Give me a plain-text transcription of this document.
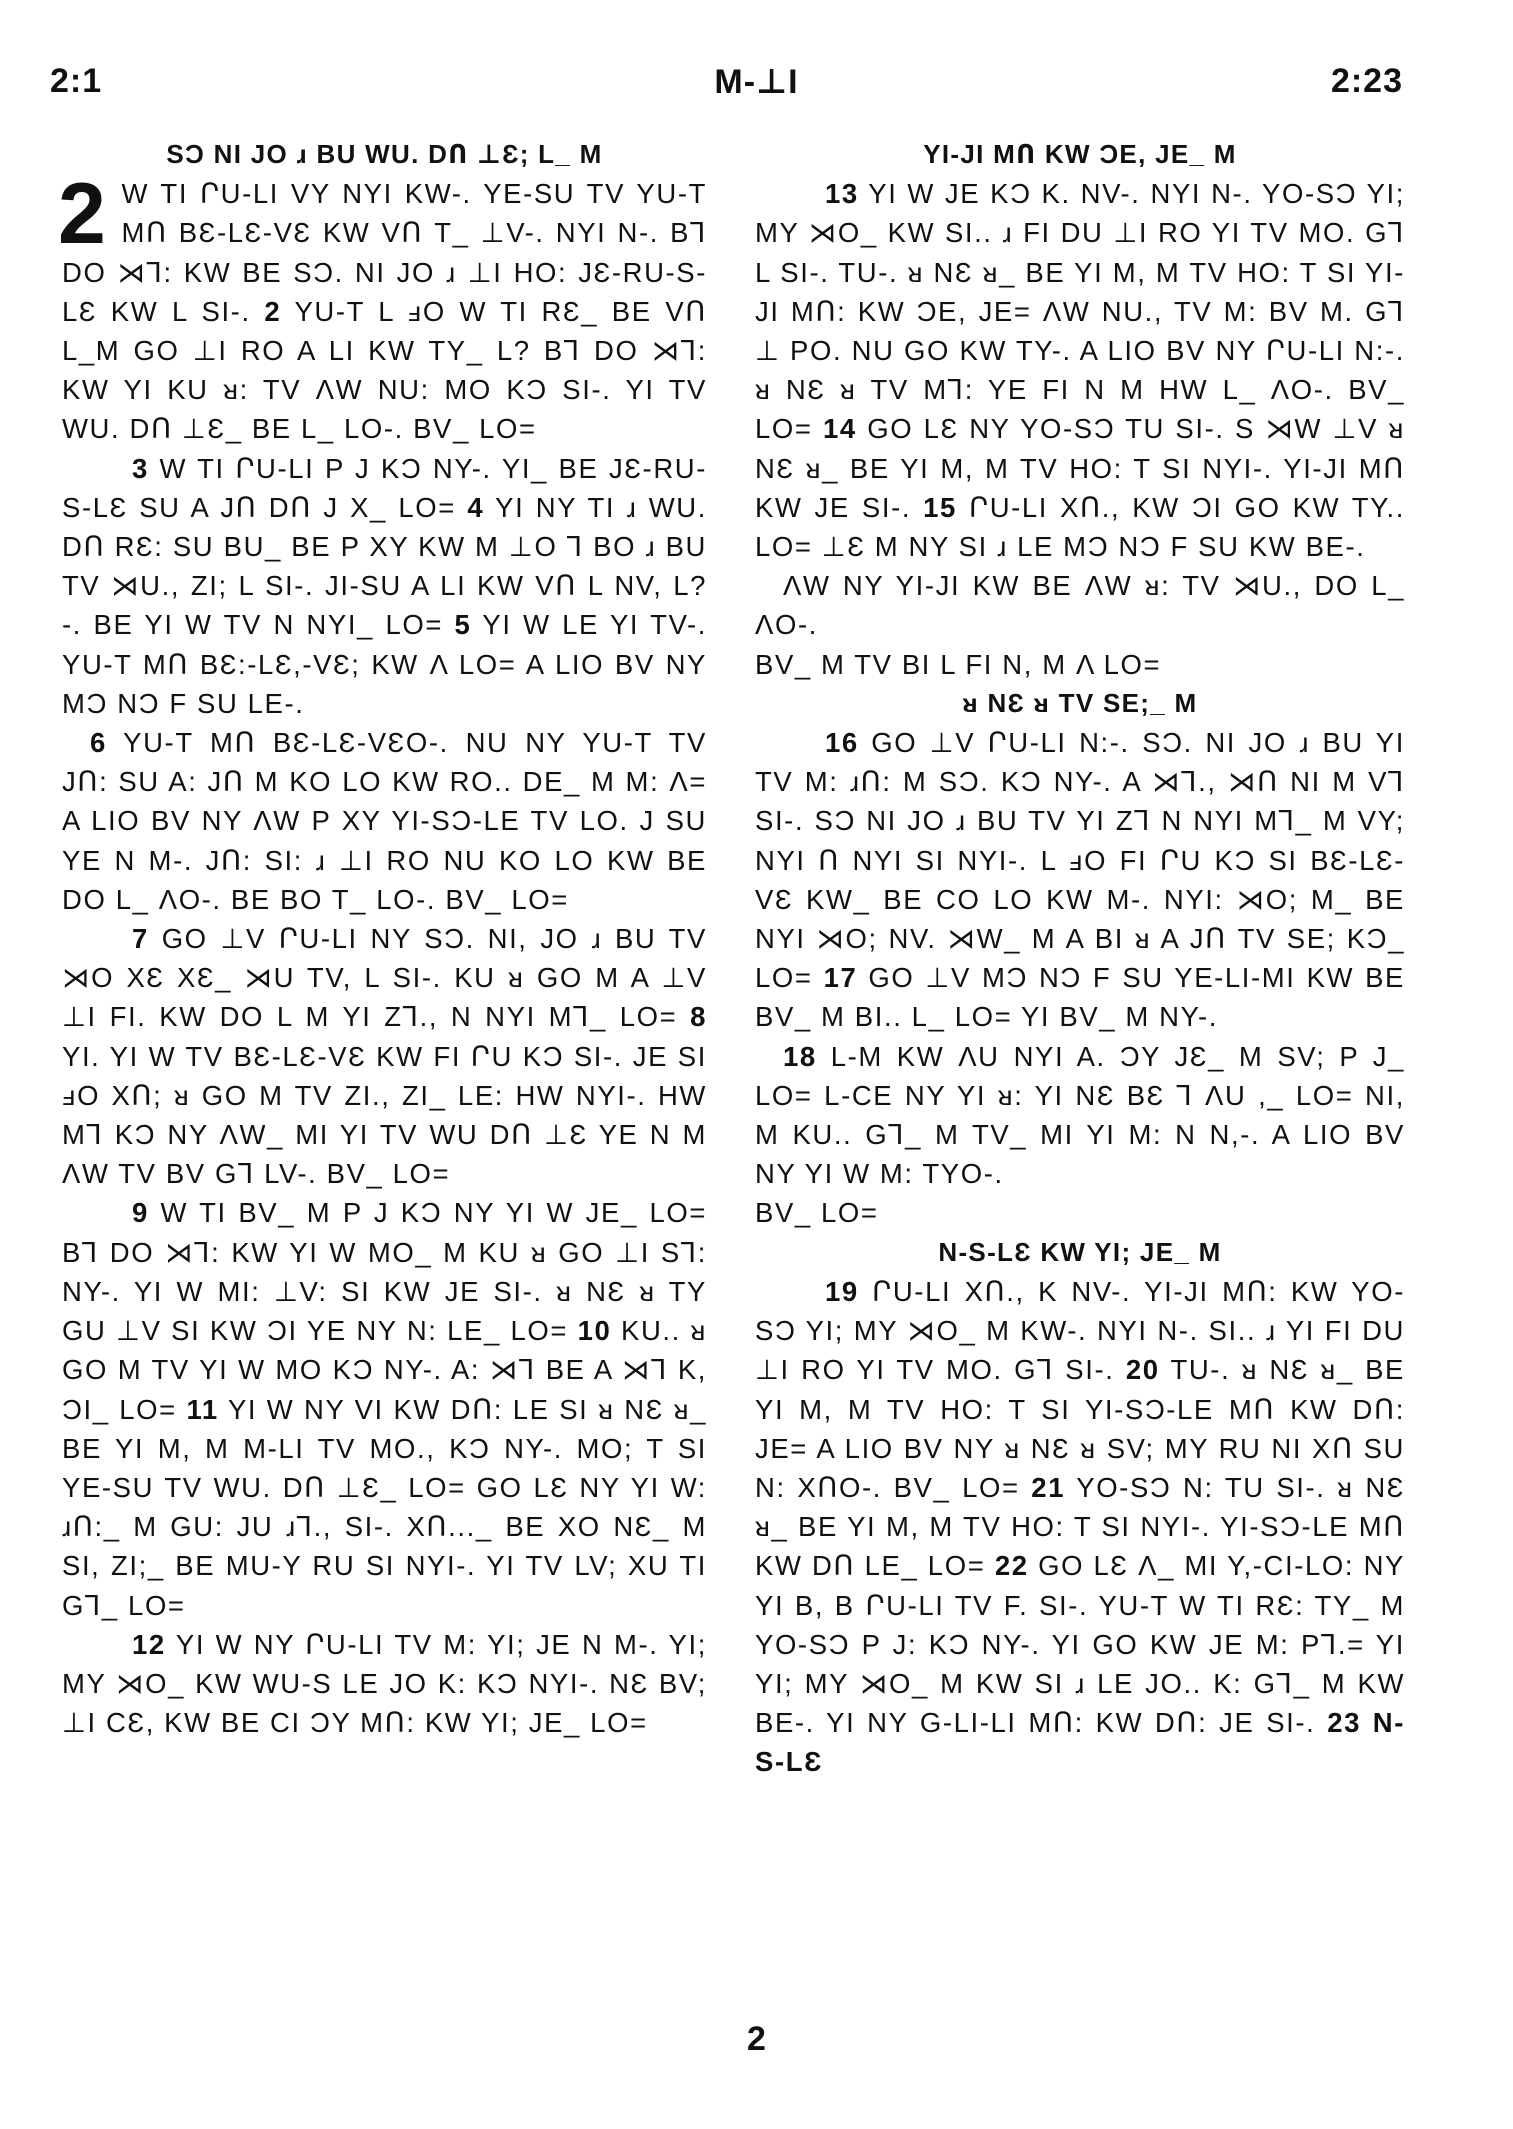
2:1	M-⊥I	2:23

SƆ NI JO ɹ BU WU. DՈ ⊥Ɛ; L_ M

2 W TI ՐU-LI VY NYI KW-. YE-SU TV YU-T MՈ BƐ-LƐ-VƐ KW VՈ T_ ⊥V-. NYI N-. B⅂ DO ⋊⅂: KW BE SƆ. NI JO ɹ ⊥I HO: JƐ-RU-S-LƐ KW L SI-. 2 YU-T L ⅎO W TI RƐ_ BE VՈ L_M GO ⊥I RO A LI KW TY_ L? B⅂ DO ⋊⅂: KW YI KU ᴚ: TV ΛW NU: MO KƆ SI-. YI TV WU. DՈ ⊥Ɛ_ BE L_ LO-. BV_ LO=

3 W TI ՐU-LI P J KƆ NY-. YI_ BE JƐ-RU-S-LƐ SU A JՈ DՈ J X_ LO= 4 YI NY TI ɹ WU. DՈ RƐ: SU BU_ BE P XY KW M ⊥O ⅂ BO ɹ BU TV ⋊U., ZI; L SI-. JI-SU A LI KW VՈ L NV, L?-. BE YI W TV N NYI_ LO= 5 YI W LE YI TV-. YU-T MՈ BƐ:-LƐ,-VƐ; KW Λ LO= A LIO BV NY MƆ NƆ F SU LE-.

6 YU-T MՈ BƐ-LƐ-VƐO-. NU NY YU-T TV JՈ: SU A: JՈ M KO LO KW RO.. DE_ M M: Λ= A LIO BV NY ΛW P XY YI-SƆ-LE TV LO. J SU YE N M-. JՈ: SI: ɹ ⊥I RO NU KO LO KW BE DO L_ ΛO-. BE BO T_ LO-. BV_ LO=

7 GO ⊥V ՐU-LI NY SƆ. NI, JO ɹ BU TV ⋊O XƐ XƐ_ ⋊U TV, L SI-. KU ᴚ GO M A ⊥V ⊥I FI. KW DO L M YI Z⅂., N NYI M⅂_ LO= 8 YI. YI W TV BƐ-LƐ-VƐ KW FI ՐU KƆ SI-. JE SI ⅎO XՈ; ᴚ GO M TV ZI., ZI_ LE: HW NYI-. HW M⅂ KƆ NY ΛW_ MI YI TV WU DՈ ⊥Ɛ YE N M ΛW TV BV G⅂ LV-. BV_ LO=

9 W TI BV_ M P J KƆ NY YI W JE_ LO= B⅂ DO ⋊⅂: KW YI W MO_ M KU ᴚ GO ⊥I S⅂: NY-. YI W MI: ⊥V: SI KW JE SI-. ᴚ NƐ ᴚ TY GU ⊥V SI KW ƆI YE NY N: LE_ LO= 10 KU.. ᴚ GO M TV YI W MO KƆ NY-. A: ⋊⅂ BE A ⋊⅂ K, ƆI_ LO= 11 YI W NY VI KW DՈ: LE SI ᴚ NƐ ᴚ_ BE YI M, M M-LI TV MO., KƆ NY-. MO; T SI YE-SU TV WU. DՈ ⊥Ɛ_ LO= GO LƐ NY YI W: ɹՈ:_ M GU: JU ɹ⅂., SI-. XՈ..._ BE XO NƐ_ M SI, ZI;_ BE MU-Y RU SI NYI-. YI TV LV; XU TI G⅂_ LO=

12 YI W NY ՐU-LI TV M: YI; JE N M-. YI; MY ⋊O_ KW WU-S LE JO K: KƆ NYI-. NƐ BV; ⊥I CƐ, KW BE CI ƆY MՈ: KW YI; JE_ LO=

YI-JI MՈ KW ƆE, JE_ M

13 YI W JE KƆ K. NV-. NYI N-. YO-SƆ YI; MY ⋊O_ KW SI.. ɹ FI DU ⊥I RO YI TV MO. G⅂ L SI-. TU-. ᴚ NƐ ᴚ_ BE YI M, M TV HO: T SI YI-JI MՈ: KW ƆE, JE= ΛW NU., TV M: BV M. G⅂ ⊥ PO. NU GO KW TY-. A LIO BV NY ՐU-LI N:-. ᴚ NƐ ᴚ TV M⅂: YE FI N M HW L_ ΛO-. BV_ LO= 14 GO LƐ NY YO-SƆ TU SI-. S ⋊W ⊥V ᴚ NƐ ᴚ_ BE YI M, M TV HO: T SI NYI-. YI-JI MՈ KW JE SI-. 15 ՐU-LI XՈ., KW ƆI GO KW TY.. LO= ⊥Ɛ M NY SI ɹ LE MƆ NƆ F SU KW BE-.

ΛW NY YI-JI KW BE ΛW ᴚ: TV ⋊U., DO L_ ΛO-.

BV_ M TV BI L FI N, M Λ LO=

ᴚ NƐ ᴚ TV SE;_ M

16 GO ⊥V ՐU-LI N:-. SƆ. NI JO ɹ BU YI TV M: ɹՈ: M SƆ. KƆ NY-. A ⋊⅂., ⋊Ո NI M V⅂ SI-. SƆ NI JO ɹ BU TV YI Z⅂ N NYI M⅂_ M VY; NYI Ո NYI SI NYI-. L ⅎO FI ՐU KƆ SI BƐ-LƐ-VƐ KW_ BE CO LO KW M-. NYI: ⋊O; M_ BE NYI ⋊O; NV. ⋊W_ M A BI ᴚ A JՈ TV SE; KƆ_ LO= 17 GO ⊥V MƆ NƆ F SU YE-LI-MI KW BE BV_ M BI.. L_ LO= YI BV_ M NY-.

18 L-M KW ΛU NYI A. ƆY JƐ_ M SV; P J_ LO= L-CE NY YI ᴚ: YI NƐ BƐ ⅂ ΛU ,_ LO= NI, M KU.. G⅂_ M TV_ MI YI M: N N,-. A LIO BV NY YI W M: TYO-.

BV_ LO=

N-S-LƐ KW YI; JE_ M

19 ՐU-LI XՈ., K NV-. YI-JI MՈ: KW YO-SƆ YI; MY ⋊O_ M KW-. NYI N-. SI.. ɹ YI FI DU ⊥I RO YI TV MO. G⅂ SI-. 20 TU-. ᴚ NƐ ᴚ_ BE YI M, M TV HO: T SI YI-SƆ-LE MՈ KW DՈ: JE= A LIO BV NY ᴚ NƐ ᴚ SV; MY RU NI XՈ SU N: XՈO-. BV_ LO= 21 YO-SƆ N: TU SI-. ᴚ NƐ ᴚ_ BE YI M, M TV HO: T SI NYI-. YI-SƆ-LE MՈ KW DՈ LE_ LO= 22 GO LƐ Λ_ MI Y,-CI-LO: NY YI B, B ՐU-LI TV F. SI-. YU-T W TI RƐ: TY_ M YO-SƆ P J: KƆ NY-. YI GO KW JE M: P⅂.= YI YI; MY ⋊O_ M KW SI ɹ LE JO.. K: G⅂_ M KW BE-. YI NY G-LI-LI MՈ: KW DՈ: JE SI-. 23 N-S-LƐ

2
